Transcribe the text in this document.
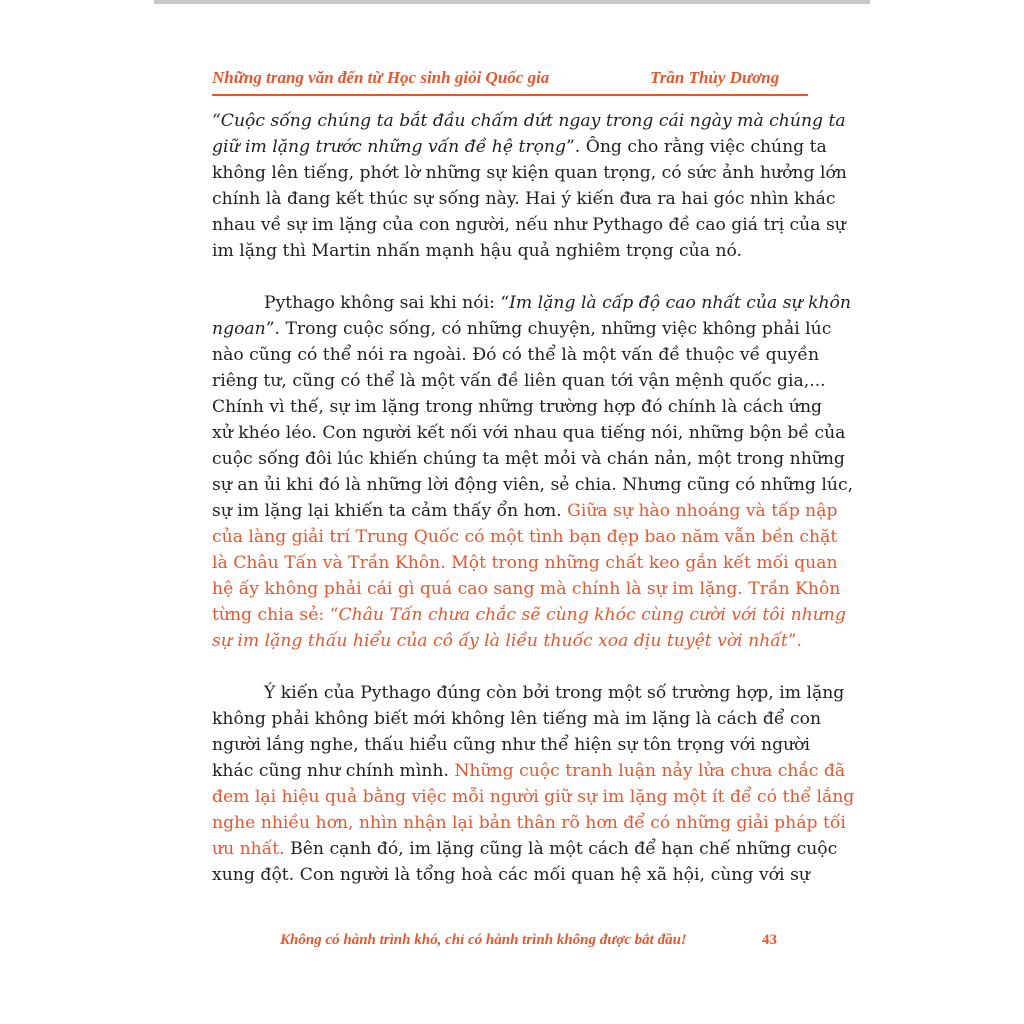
Những trang văn đến từ Học sinh giỏi Quốc gia	Trần Thủy Dương
“Cuộc sống chúng ta bắt đầu chấm dứt ngay trong cái ngày mà chúng ta
giữ im lặng trước những vấn đề hệ trọng”. Ông cho rằng việc chúng ta
không lên tiếng, phớt lờ những sự kiện quan trọng, có sức ảnh hưởng lớn
chính là đang kết thúc sự sống này. Hai ý kiến đưa ra hai góc nhìn khác
nhau về sự im lặng của con người, nếu như Pythago đề cao giá trị của sự
im lặng thì Martin nhấn mạnh hậu quả nghiêm trọng của nó.
Pythago không sai khi nói: “Im lặng là cấp độ cao nhất của sự khôn
ngoan”. Trong cuộc sống, có những chuyện, những việc không phải lúc
nào cũng có thể nói ra ngoài. Đó có thể là một vấn đề thuộc về quyền
riêng tư, cũng có thể là một vấn đề liên quan tới vận mệnh quốc gia,...
Chính vì thế, sự im lặng trong những trường hợp đó chính là cách ứng
xử khéo léo. Con người kết nối với nhau qua tiếng nói, những bộn bề của
cuộc sống đôi lúc khiến chúng ta mệt mỏi và chán nản, một trong những
sự an ủi khi đó là những lời động viên, sẻ chia. Nhưng cũng có những lúc,
sự im lặng lại khiến ta cảm thấy ổn hơn. Giữa sự hào nhoáng và tấp nập
của làng giải trí Trung Quốc có một tình bạn đẹp bao năm vẫn bền chặt
là Châu Tấn và Trần Khôn. Một trong những chất keo gắn kết mối quan
hệ ấy không phải cái gì quá cao sang mà chính là sự im lặng. Trần Khôn
từng chia sẻ: “Châu Tấn chưa chắc sẽ cùng khóc cùng cười với tôi nhưng
sự im lặng thấu hiểu của cô ấy là liều thuốc xoa dịu tuyệt vời nhất”.
Ý kiến của Pythago đúng còn bởi trong một số trường hợp, im lặng
không phải không biết mới không lên tiếng mà im lặng là cách để con
người lắng nghe, thấu hiểu cũng như thể hiện sự tôn trọng với người
khác cũng như chính mình. Những cuộc tranh luận nảy lửa chưa chắc đã
đem lại hiệu quả bằng việc mỗi người giữ sự im lặng một ít để có thể lắng
nghe nhiều hơn, nhìn nhận lại bản thân rõ hơn để có những giải pháp tối
ưu nhất. Bên cạnh đó, im lặng cũng là một cách để hạn chế những cuộc
xung đột. Con người là tổng hoà các mối quan hệ xã hội, cùng với sự
Không có hành trình khó, chỉ có hành trình không được bắt đầu!	43
